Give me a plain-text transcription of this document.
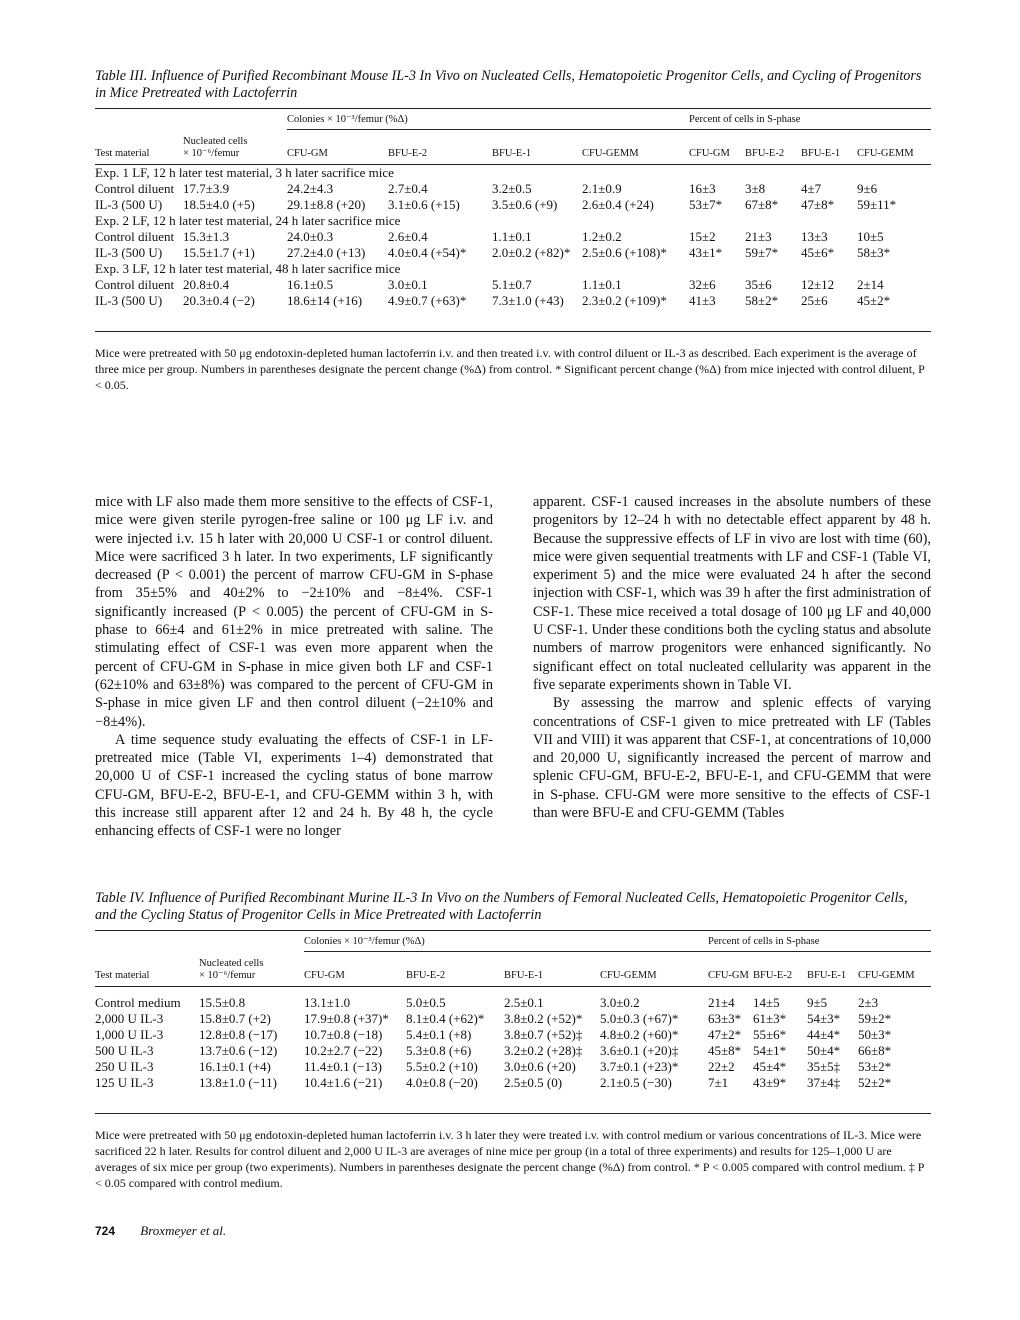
Table III. Influence of Purified Recombinant Mouse IL-3 In Vivo on Nucleated Cells, Hematopoietic Progenitor Cells, and Cycling of Progenitors in Mice Pretreated with Lactoferrin

		Colonies × 10⁻³/femur (%Δ)				Percent of cells in S-phase			
	Nucleated cells								
Test material	× 10⁻⁶/femur	CFU-GM	BFU-E-2	BFU-E-1	CFU-GEMM	CFU-GM	BFU-E-2	BFU-E-1	CFU-GEMM
Exp. 1 LF, 12 h later test material, 3 h later sacrifice mice									
Control diluent	17.7±3.9	24.2±4.3	2.7±0.4	3.2±0.5	2.1±0.9	16±3	3±8	4±7	9±6
IL-3 (500 U)	18.5±4.0 (+5)	29.1±8.8 (+20)	3.1±0.6 (+15)	3.5±0.6 (+9)	2.6±0.4 (+24)	53±7*	67±8*	47±8*	59±11*
Exp. 2 LF, 12 h later test material, 24 h later sacrifice mice									
Control diluent	15.3±1.3	24.0±0.3	2.6±0.4	1.1±0.1	1.2±0.2	15±2	21±3	13±3	10±5
IL-3 (500 U)	15.5±1.7 (+1)	27.2±4.0 (+13)	4.0±0.4 (+54)*	2.0±0.2 (+82)*	2.5±0.6 (+108)*	43±1*	59±7*	45±6*	58±3*
Exp. 3 LF, 12 h later test material, 48 h later sacrifice mice									
Control diluent	20.8±0.4	16.1±0.5	3.0±0.1	5.1±0.7	1.1±0.1	32±6	35±6	12±12	2±14
IL-3 (500 U)	20.3±0.4 (−2)	18.6±14 (+16)	4.9±0.7 (+63)*	7.3±1.0 (+43)	2.3±0.2 (+109)*	41±3	58±2*	25±6	45±2*

Mice were pretreated with 50 μg endotoxin-depleted human lactoferrin i.v. and then treated i.v. with control diluent or IL-3 as described. Each experiment is the average of three mice per group. Numbers in parentheses designate the percent change (%Δ) from control. * Significant percent change (%Δ) from mice injected with control diluent, P < 0.05.

mice with LF also made them more sensitive to the effects of CSF-1, mice were given sterile pyrogen-free saline or 100 μg LF i.v. and were injected i.v. 15 h later with 20,000 U CSF-1 or control diluent. Mice were sacrificed 3 h later. In two experiments, LF significantly decreased (P < 0.001) the percent of marrow CFU-GM in S-phase from 35±5% and 40±2% to −2±10% and −8±4%. CSF-1 significantly increased (P < 0.005) the percent of CFU-GM in S-phase to 66±4 and 61±2% in mice pretreated with saline. The stimulating effect of CSF-1 was even more apparent when the percent of CFU-GM in S-phase in mice given both LF and CSF-1 (62±10% and 63±8%) was compared to the percent of CFU-GM in S-phase in mice given LF and then control diluent (−2±10% and −8±4%).

A time sequence study evaluating the effects of CSF-1 in LF-pretreated mice (Table VI, experiments 1–4) demonstrated that 20,000 U of CSF-1 increased the cycling status of bone marrow CFU-GM, BFU-E-2, BFU-E-1, and CFU-GEMM within 3 h, with this increase still apparent after 12 and 24 h. By 48 h, the cycle enhancing effects of CSF-1 were no longer

apparent. CSF-1 caused increases in the absolute numbers of these progenitors by 12–24 h with no detectable effect apparent by 48 h. Because the suppressive effects of LF in vivo are lost with time (60), mice were given sequential treatments with LF and CSF-1 (Table VI, experiment 5) and the mice were evaluated 24 h after the second injection with CSF-1, which was 39 h after the first administration of CSF-1. These mice received a total dosage of 100 μg LF and 40,000 U CSF-1. Under these conditions both the cycling status and absolute numbers of marrow progenitors were enhanced significantly. No significant effect on total nucleated cellularity was apparent in the five separate experiments shown in Table VI.

By assessing the marrow and splenic effects of varying concentrations of CSF-1 given to mice pretreated with LF (Tables VII and VIII) it was apparent that CSF-1, at concentrations of 10,000 and 20,000 U, significantly increased the percent of marrow and splenic CFU-GM, BFU-E-2, BFU-E-1, and CFU-GEMM that were in S-phase. CFU-GM were more sensitive to the effects of CSF-1 than were BFU-E and CFU-GEMM (Tables

Table IV. Influence of Purified Recombinant Murine IL-3 In Vivo on the Numbers of Femoral Nucleated Cells, Hematopoietic Progenitor Cells, and the Cycling Status of Progenitor Cells in Mice Pretreated with Lactoferrin

		Colonies × 10⁻³/femur (%Δ)				Percent of cells in S-phase			
	Nucleated cells								
Test material	× 10⁻⁶/femur	CFU-GM	BFU-E-2	BFU-E-1	CFU-GEMM	CFU-GM	BFU-E-2	BFU-E-1	CFU-GEMM

Control medium	15.5±0.8	13.1±1.0	5.0±0.5	2.5±0.1	3.0±0.2	21±4	14±5	9±5	2±3
2,000 U IL-3	15.8±0.7 (+2)	17.9±0.8 (+37)*	8.1±0.4 (+62)*	3.8±0.2 (+52)*	5.0±0.3 (+67)*	63±3*	61±3*	54±3*	59±2*
1,000 U IL-3	12.8±0.8 (−17)	10.7±0.8 (−18)	5.4±0.1 (+8)	3.8±0.7 (+52)‡	4.8±0.2 (+60)*	47±2*	55±6*	44±4*	50±3*
500 U IL-3	13.7±0.6 (−12)	10.2±2.7 (−22)	5.3±0.8 (+6)	3.2±0.2 (+28)‡	3.6±0.1 (+20)‡	45±8*	54±1*	50±4*	66±8*
250 U IL-3	16.1±0.1 (+4)	11.4±0.1 (−13)	5.5±0.2 (+10)	3.0±0.6 (+20)	3.7±0.1 (+23)*	22±2	45±4*	35±5‡	53±2*
125 U IL-3	13.8±1.0 (−11)	10.4±1.6 (−21)	4.0±0.8 (−20)	2.5±0.5 (0)	2.1±0.5 (−30)	7±1	43±9*	37±4‡	52±2*

Mice were pretreated with 50 μg endotoxin-depleted human lactoferrin i.v. 3 h later they were treated i.v. with control medium or various concentrations of IL-3. Mice were sacrificed 22 h later. Results for control diluent and 2,000 U IL-3 are averages of nine mice per group (in a total of three experiments) and results for 125–1,000 U are averages of six mice per group (two experiments). Numbers in parentheses designate the percent change (%Δ) from control. * P < 0.005 compared with control medium. ‡ P < 0.05 compared with control medium.

724 Broxmeyer et al.
